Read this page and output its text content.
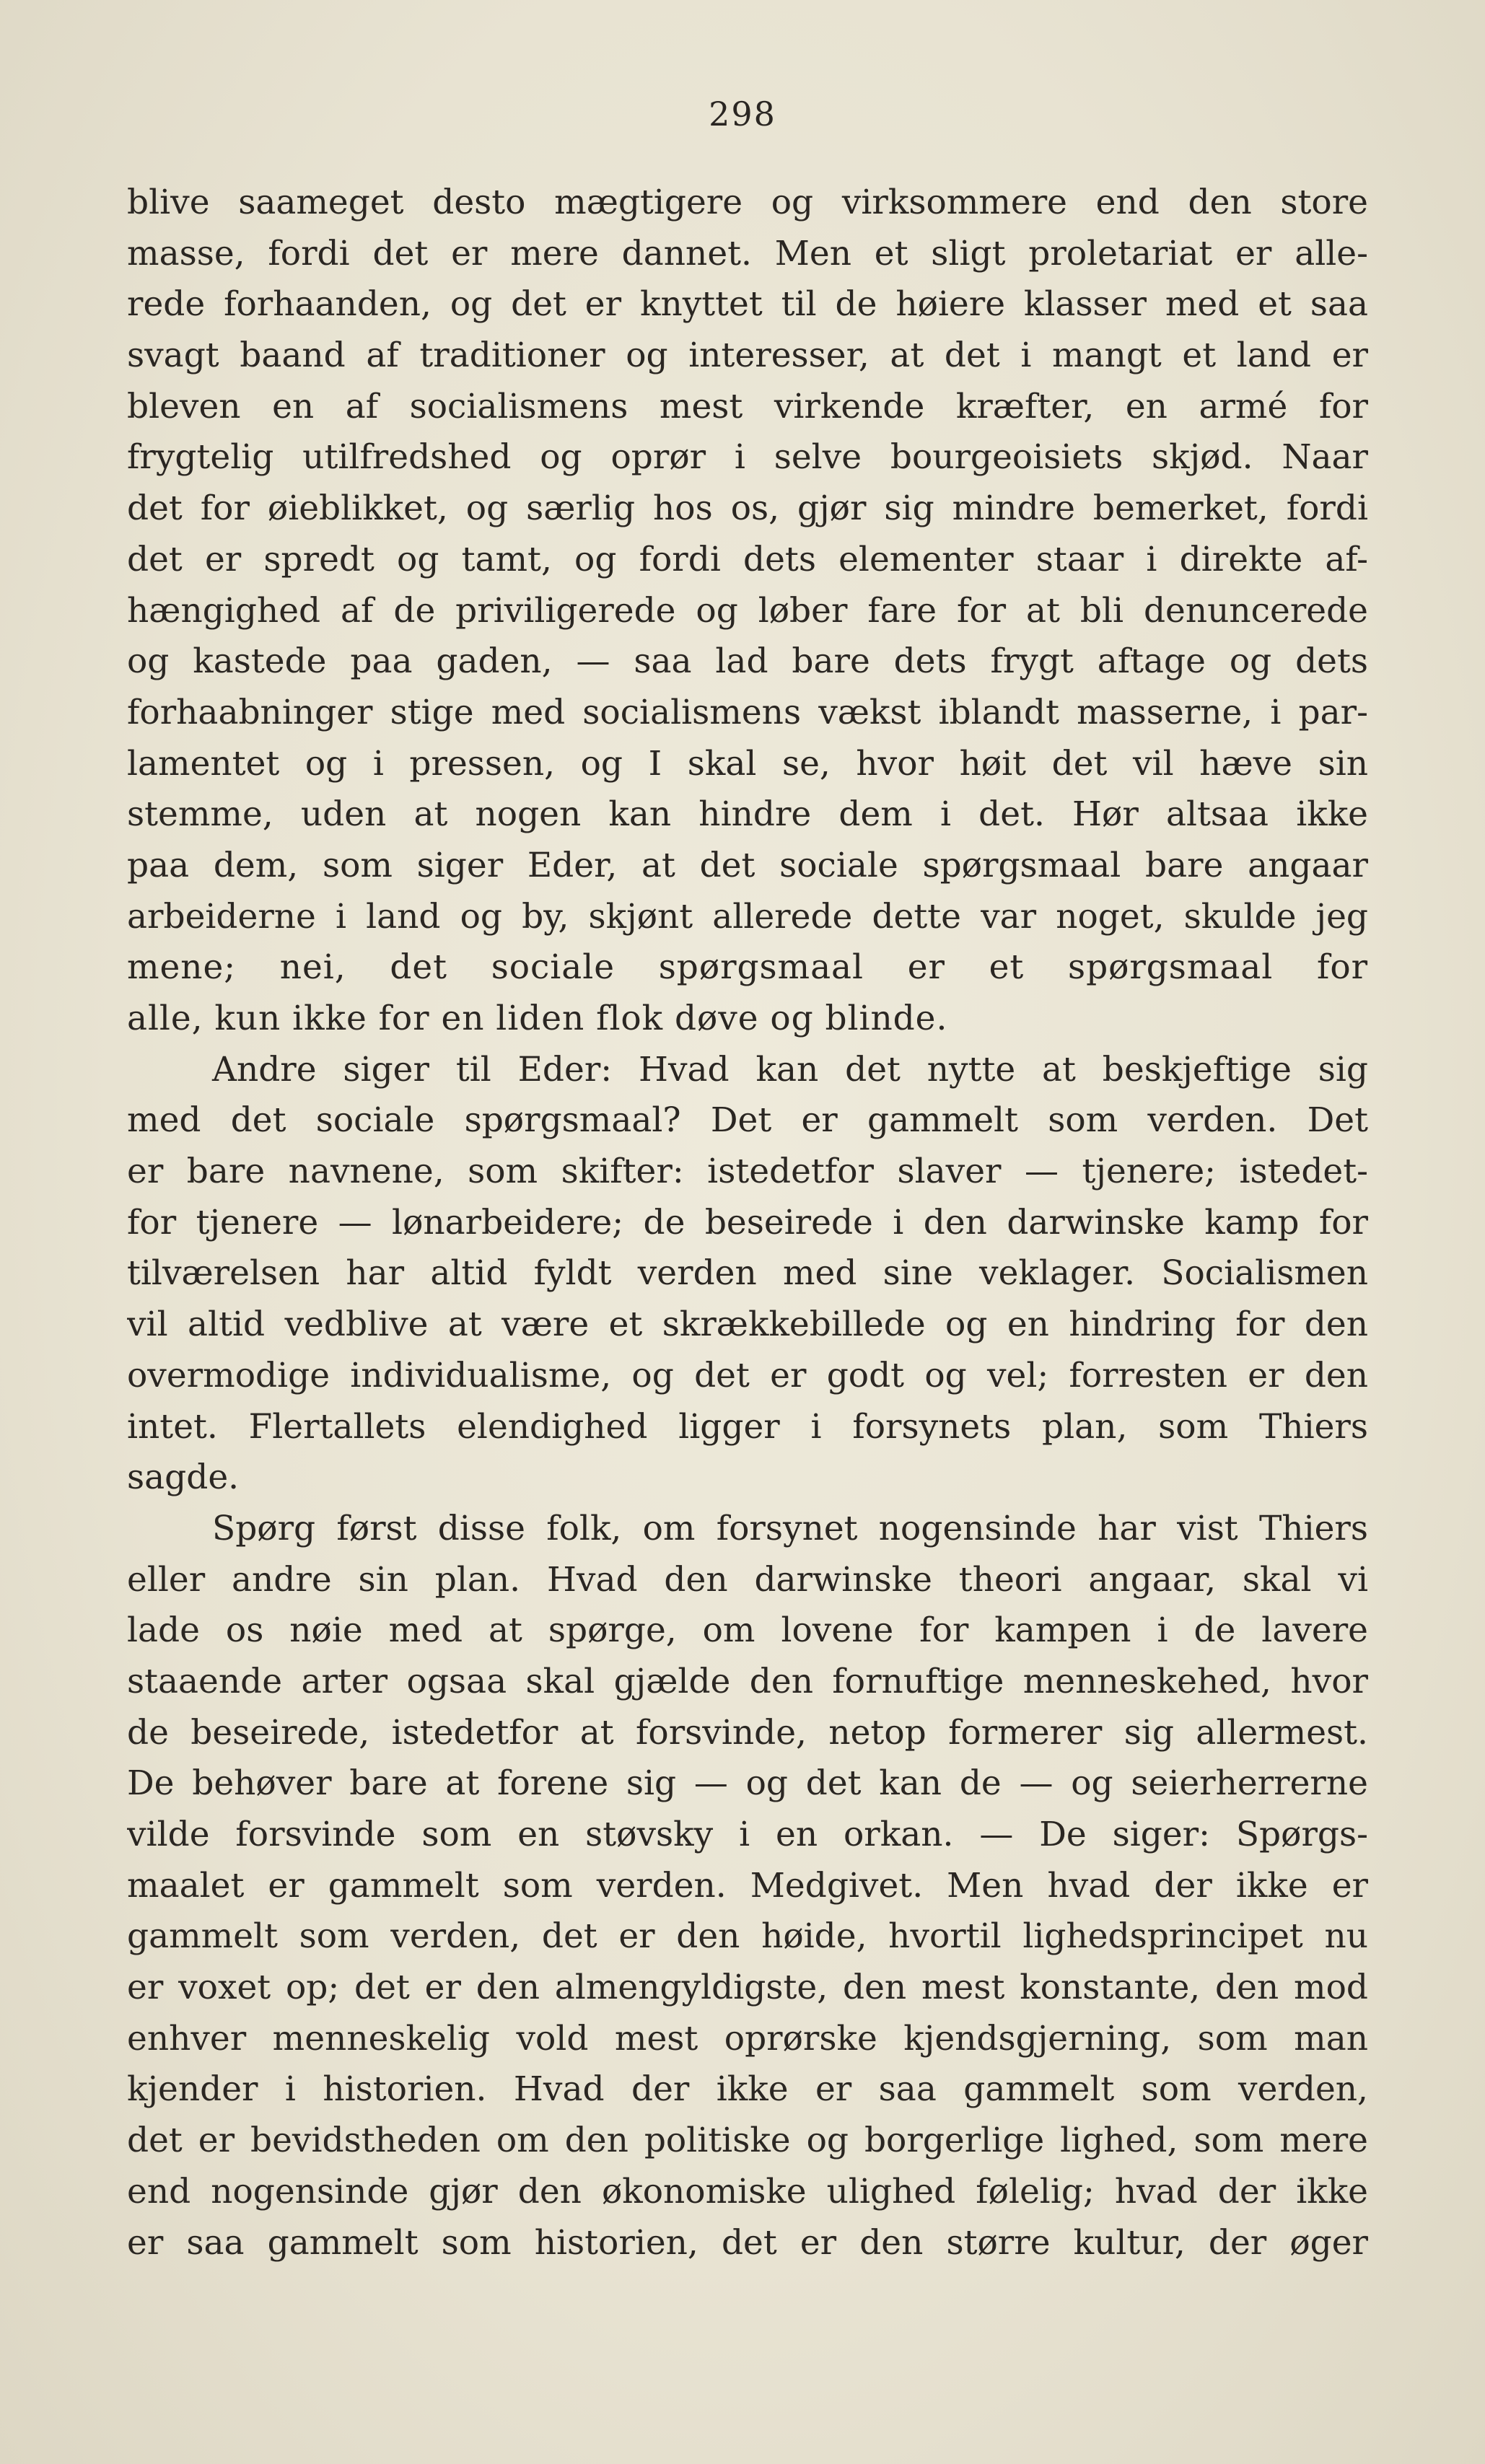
298
blive saameget desto mægtigere og virksommere end den store
masse, fordi det er mere dannet. Men et sligt proletariat er alle-
rede forhaanden, og det er knyttet til de høiere klasser med et saa
svagt baand af traditioner og interesser, at det i mangt et land er
bleven en af socialismens mest virkende kræfter, en armé for
frygtelig utilfredshed og oprør i selve bourgeoisiets skjød. Naar
det for øieblikket, og særlig hos os, gjør sig mindre bemerket, fordi
det er spredt og tamt, og fordi dets elementer staar i direkte af-
hængighed af de priviligerede og løber fare for at bli denuncerede
og kastede paa gaden, — saa lad bare dets frygt aftage og dets
forhaabninger stige med socialismens vækst iblandt masserne, i par-
lamentet og i pressen, og I skal se, hvor høit det vil hæve sin
stemme, uden at nogen kan hindre dem i det. Hør altsaa ikke
paa dem, som siger Eder, at det sociale spørgsmaal bare angaar
arbeiderne i land og by, skjønt allerede dette var noget, skulde jeg
mene; nei, det sociale spørgsmaal er et spørgsmaal for
alle, kun ikke for en liden flok døve og blinde.
Andre siger til Eder: Hvad kan det nytte at beskjeftige sig
med det sociale spørgsmaal? Det er gammelt som verden. Det
er bare navnene, som skifter: istedetfor slaver — tjenere; istedet-
for tjenere — lønarbeidere; de beseirede i den darwinske kamp for
tilværelsen har altid fyldt verden med sine veklager. Socialismen
vil altid vedblive at være et skrækkebillede og en hindring for den
overmodige individualisme, og det er godt og vel; forresten er den
intet. Flertallets elendighed ligger i forsynets plan, som Thiers
sagde.
Spørg først disse folk, om forsynet nogensinde har vist Thiers
eller andre sin plan. Hvad den darwinske theori angaar, skal vi
lade os nøie med at spørge, om lovene for kampen i de lavere
staaende arter ogsaa skal gjælde den fornuftige menneskehed, hvor
de beseirede, istedetfor at forsvinde, netop formerer sig allermest.
De behøver bare at forene sig — og det kan de — og seierherrerne
vilde forsvinde som en støvsky i en orkan. — De siger: Spørgs-
maalet er gammelt som verden. Medgivet. Men hvad der ikke er
gammelt som verden, det er den høide, hvortil lighedsprincipet nu
er voxet op; det er den almengyldigste, den mest konstante, den mod
enhver menneskelig vold mest oprørske kjendsgjerning, som man
kjender i historien. Hvad der ikke er saa gammelt som verden,
det er bevidstheden om den politiske og borgerlige lighed, som mere
end nogensinde gjør den økonomiske ulighed følelig; hvad der ikke
er saa gammelt som historien, det er den større kultur, der øger
